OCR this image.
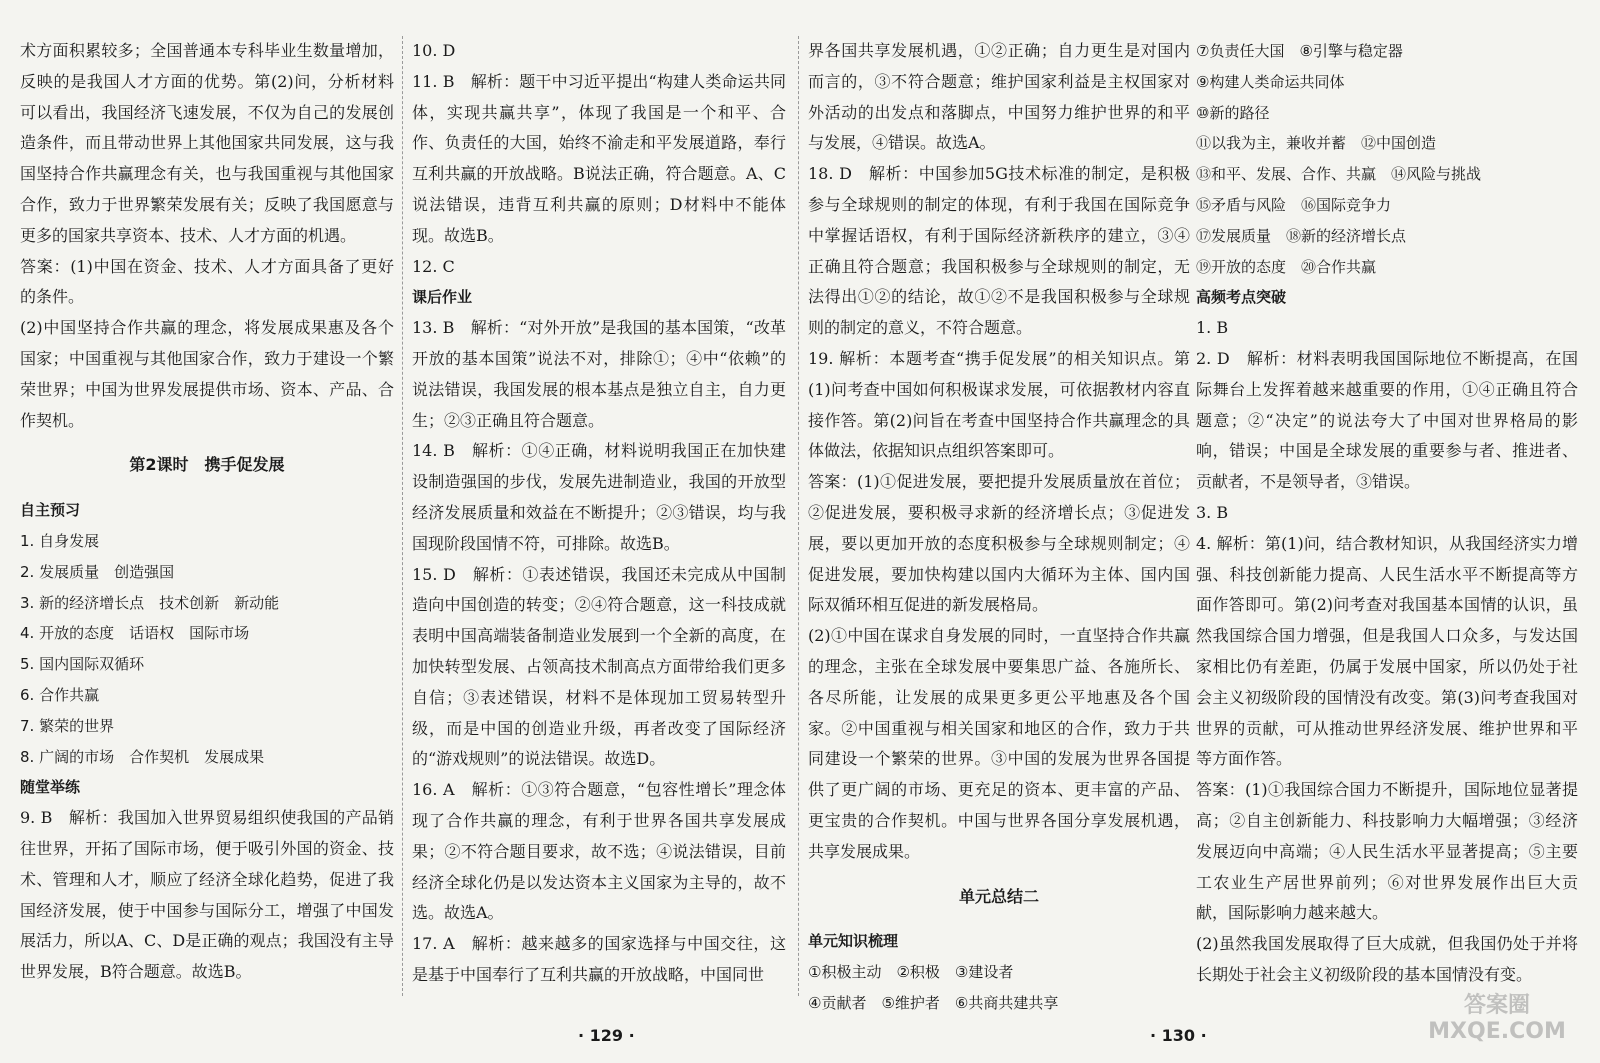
术方面积累较多；全国普通本专科毕业生数量增加，反映的是我国人才方面的优势。第(2)问，分析材料可以看出，我国经济飞速发展，不仅为自己的发展创造条件，而且带动世界上其他国家共同发展，这与我国坚持合作共赢理念有关，也与我国重视与其他国家合作，致力于世界繁荣发展有关；反映了我国愿意与更多的国家共享资本、技术、人才方面的机遇。

答案：(1)中国在资金、技术、人才方面具备了更好的条件。

(2)中国坚持合作共赢的理念，将发展成果惠及各个国家；中国重视与其他国家合作，致力于建设一个繁荣世界；中国为世界发展提供市场、资本、产品、合作契机。

第2课时　携手促发展

自主预习

1. 自身发展

2. 发展质量　创造强国

3. 新的经济增长点　技术创新　新动能

4. 开放的态度　话语权　国际市场

5. 国内国际双循环

6. 合作共赢

7. 繁荣的世界

8. 广阔的市场　合作契机　发展成果

随堂举练

9. B　解析：我国加入世界贸易组织使我国的产品销往世界，开拓了国际市场，便于吸引外国的资金、技术、管理和人才，顺应了经济全球化趋势，促进了我国经济发展，使于中国参与国际分工，增强了中国发展活力，所以A、C、D是正确的观点；我国没有主导世界发展，B符合题意。故选B。

10. D

11. B　解析：题干中习近平提出“构建人类命运共同体，实现共赢共享”，体现了我国是一个和平、合作、负责任的大国，始终不渝走和平发展道路，奉行互利共赢的开放战略。B说法正确，符合题意。A、C说法错误，违背互利共赢的原则；D材料中不能体现。故选B。

12. C

课后作业

13. B　解析：“对外开放”是我国的基本国策，“改革开放的基本国策”说法不对，排除①；④中“依赖”的说法错误，我国发展的根本基点是独立自主，自力更生；②③正确且符合题意。

14. B　解析：①④正确，材料说明我国正在加快建设制造强国的步伐，发展先进制造业，我国的开放型经济发展质量和效益在不断提升；②③错误，均与我国现阶段国情不符，可排除。故选B。

15. D　解析：①表述错误，我国还未完成从中国制造向中国创造的转变；②④符合题意，这一科技成就表明中国高端装备制造业发展到一个全新的高度，在加快转型发展、占领高技术制高点方面带给我们更多自信；③表述错误，材料不是体现加工贸易转型升级，而是中国的创造业升级，再者改变了国际经济的“游戏规则”的说法错误。故选D。

16. A　解析：①③符合题意，“包容性增长”理念体现了合作共赢的理念，有利于世界各国共享发展成果；②不符合题目要求，故不选；④说法错误，目前经济全球化仍是以发达资本主义国家为主导的，故不选。故选A。

17. A　解析：越来越多的国家选择与中国交往，这是基于中国奉行了互利共赢的开放战略，中国同世

界各国共享发展机遇，①②正确；自力更生是对国内而言的，③不符合题意；维护国家利益是主权国家对外活动的出发点和落脚点，中国努力维护世界的和平与发展，④错误。故选A。

18. D　解析：中国参加5G技术标准的制定，是积极参与全球规则的制定的体现，有利于我国在国际竞争中掌握话语权，有利于国际经济新秩序的建立，③④正确且符合题意；我国积极参与全球规则的制定，无法得出①②的结论，故①②不是我国积极参与全球规则的制定的意义，不符合题意。

19. 解析：本题考查“携手促发展”的相关知识点。第(1)问考查中国如何积极谋求发展，可依据教材内容直接作答。第(2)问旨在考查中国坚持合作共赢理念的具体做法，依据知识点组织答案即可。

答案：(1)①促进发展，要把提升发展质量放在首位；②促进发展，要积极寻求新的经济增长点；③促进发展，要以更加开放的态度积极参与全球规则制定；④促进发展，要加快构建以国内大循环为主体、国内国际双循环相互促进的新发展格局。

(2)①中国在谋求自身发展的同时，一直坚持合作共赢的理念，主张在全球发展中要集思广益、各施所长、各尽所能，让发展的成果更多更公平地惠及各个国家。②中国重视与相关国家和地区的合作，致力于共同建设一个繁荣的世界。③中国的发展为世界各国提供了更广阔的市场、更充足的资本、更丰富的产品、更宝贵的合作契机。中国与世界各国分享发展机遇，共享发展成果。

单元总结二

单元知识梳理

①积极主动　②积极　③建设者

④贡献者　⑤维护者　⑥共商共建共享

⑦负责任大国　⑧引擎与稳定器

⑨构建人类命运共同体

⑩新的路径

⑪以我为主，兼收并蓄　⑫中国创造

⑬和平、发展、合作、共赢　⑭风险与挑战

⑮矛盾与风险　⑯国际竞争力

⑰发展质量　⑱新的经济增长点

⑲开放的态度　⑳合作共赢

高频考点突破

1. B

2. D　解析：材料表明我国国际地位不断提高，在国际舞台上发挥着越来越重要的作用，①④正确且符合题意；②“决定”的说法夸大了中国对世界格局的影响，错误；中国是全球发展的重要参与者、推进者、贡献者，不是领导者，③错误。

3. B

4. 解析：第(1)问，结合教材知识，从我国经济实力增强、科技创新能力提高、人民生活水平不断提高等方面作答即可。第(2)问考查对我国基本国情的认识，虽然我国综合国力增强，但是我国人口众多，与发达国家相比仍有差距，仍属于发展中国家，所以仍处于社会主义初级阶段的国情没有改变。第(3)问考查我国对世界的贡献，可从推动世界经济发展、维护世界和平等方面作答。

答案：(1)①我国综合国力不断提升，国际地位显著提高；②自主创新能力、科技影响力大幅增强；③经济发展迈向中高端；④人民生活水平显著提高；⑤主要工农业生产居世界前列；⑥对世界发展作出巨大贡献，国际影响力越来越大。

(2)虽然我国发展取得了巨大成就，但我国仍处于并将长期处于社会主义初级阶段的基本国情没有变。

· 129 ·	· 130 ·
答案圈
MXQE.COM
